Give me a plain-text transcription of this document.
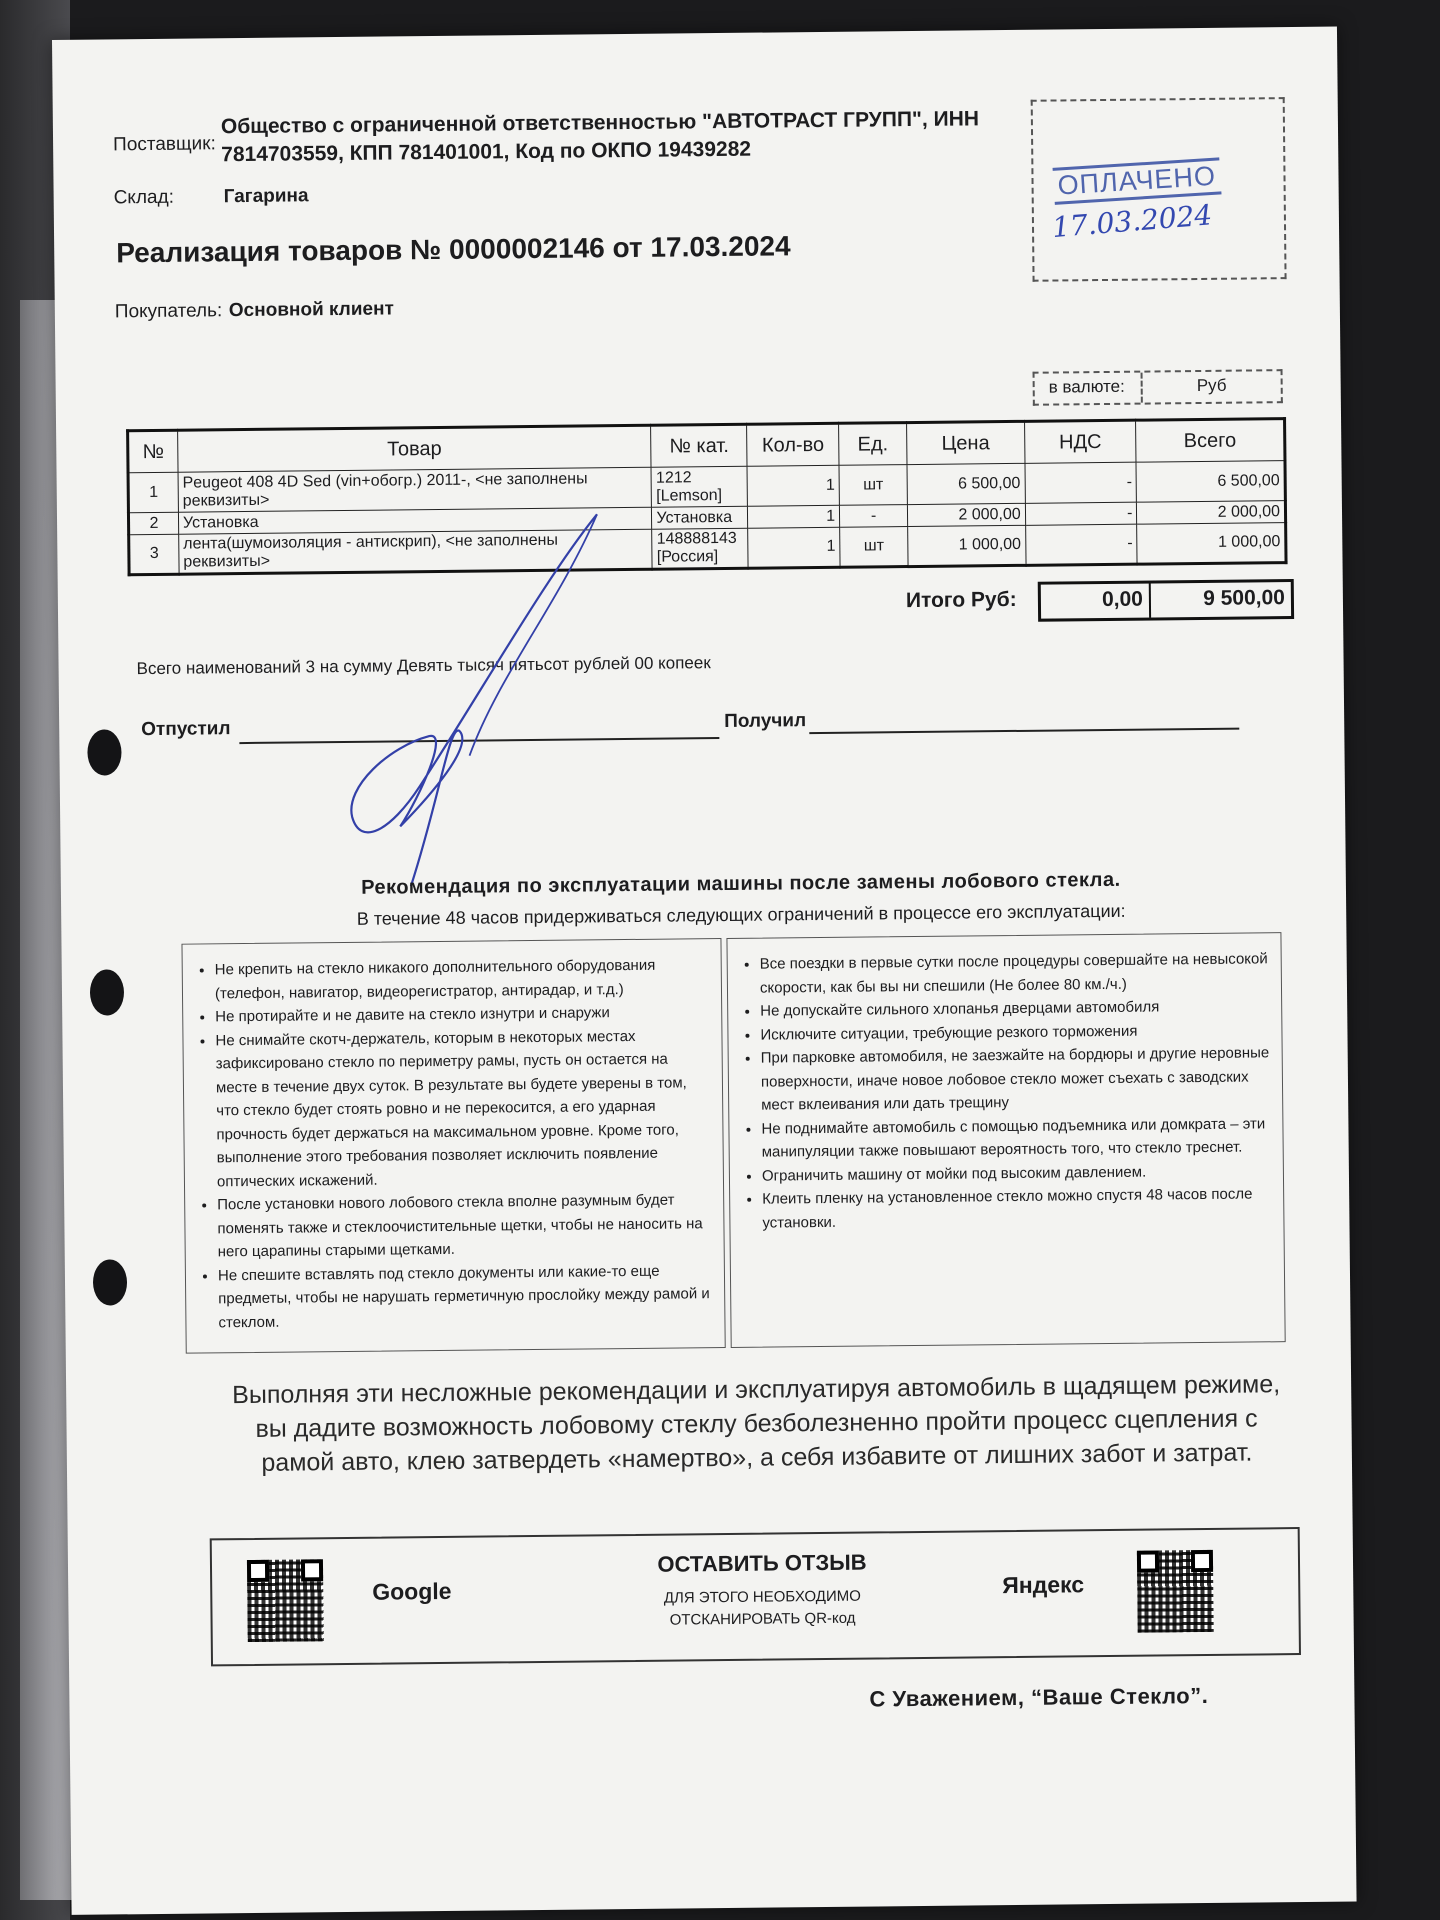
Поставщик:
Общество с ограниченной ответственностью "АВТОТРАСТ ГРУПП", ИНН 7814703559, КПП 781401001, Код по ОКПО 19439282
Склад:	Гагарина
Реализация товаров № 0000002146 от 17.03.2024
Покупатель: Основной клиент
ОПЛАЧЕНО
17.03.2024
в валюте:	Руб
№	Товар	№ кат.	Кол-во	Ед.	Цена	НДС	Всего
1	Peugeot 408 4D Sed (vin+обогр.) 2011-, <не заполнены реквизиты>	1212 [Lemson]	1	шт	6 500,00	-	6 500,00
2	Установка	Установка	1	-	2 000,00	-	2 000,00
3	лента(шумоизоляция - антискрип), <не заполнены реквизиты>	148888143 [Россия]	1	шт	1 000,00	-	1 000,00
Итого Руб:	0,00	9 500,00
Всего наименований 3 на сумму Девять тысяч пятьсот рублей 00 копеек
Отпустил	Получил
Рекомендация по эксплуатации машины после замены лобового стекла.
В течение 48 часов придерживаться следующих ограничений в процессе его эксплуатации:
• Не крепить на стекло никакого дополнительного оборудования (телефон, навигатор, видеорегистратор, антирадар, и т.д.)
• Не протирайте и не давите на стекло изнутри и снаружи
• Не снимайте скотч-держатель, которым в некоторых местах зафиксировано стекло по периметру рамы, пусть он остается на месте в течение двух суток. В результате вы будете уверены в том, что стекло будет стоять ровно и не перекосится, а его ударная прочность будет держаться на максимальном уровне. Кроме того, выполнение этого требования позволяет исключить появление оптических искажений.
• После установки нового лобового стекла вполне разумным будет поменять также и стеклоочистительные щетки, чтобы не наносить на него царапины старыми щетками.
• Не спешите вставлять под стекло документы или какие-то еще предметы, чтобы не нарушать герметичную прослойку между рамой и стеклом.
• Все поездки в первые сутки после процедуры совершайте на невысокой скорости, как бы вы ни спешили (Не более 80 км./ч.)
• Не допускайте сильного хлопанья дверцами автомобиля
• Исключите ситуации, требующие резкого торможения
• При парковке автомобиля, не заезжайте на бордюры и другие неровные поверхности, иначе новое лобовое стекло может съехать с заводских мест вклеивания или дать трещину
• Не поднимайте автомобиль с помощью подъемника или домкрата – эти манипуляции также повышают вероятность того, что стекло треснет.
• Ограничить машину от мойки под высоким давлением.
• Клеить пленку на установленное стекло можно спустя 48 часов после установки.
Выполняя эти несложные рекомендации и эксплуатируя автомобиль в щадящем режиме, вы дадите возможность лобовому стеклу безболезненно пройти процесс сцепления с рамой авто, клею затвердеть «намертво», а себя избавите от лишних забот и затрат.
Google
ОСТАВИТЬ ОТЗЫВ
ДЛЯ ЭТОГО НЕОБХОДИМО
ОТСКАНИРОВАТЬ QR-код
Яндекс
С Уважением, “Ваше Стекло”.
